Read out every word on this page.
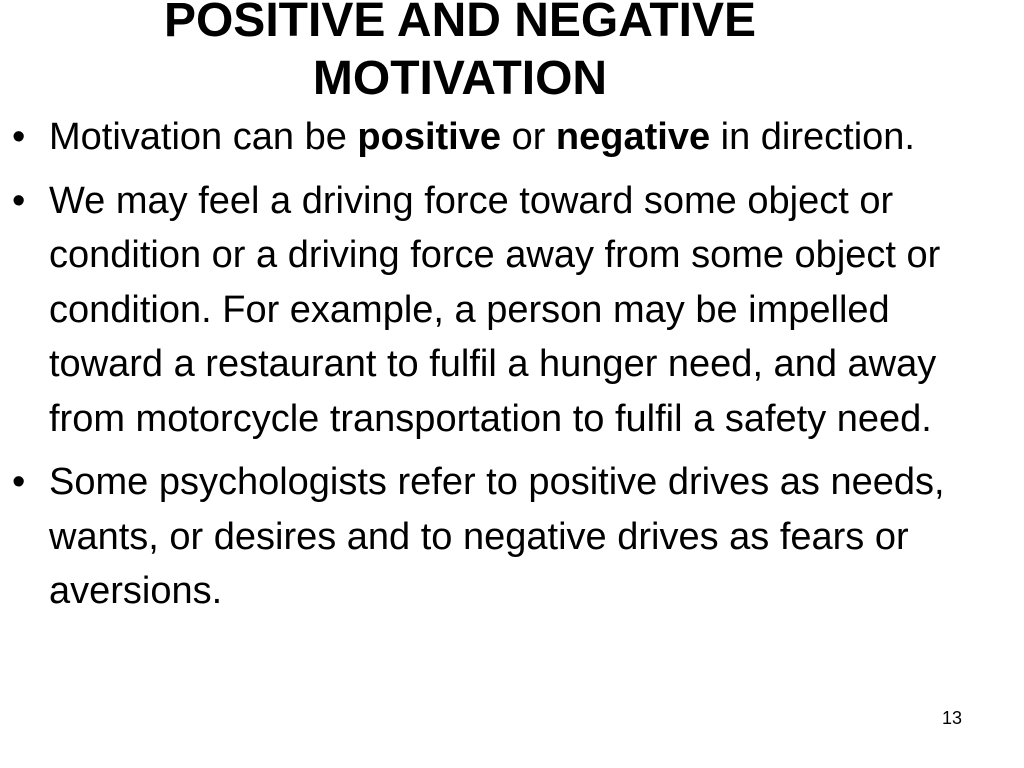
POSITIVE AND NEGATIVE
MOTIVATION
• Motivation can be positive or negative in direction.
• We may feel a driving force toward some object or condition or a driving force away from some object or condition. For example, a person may be impelled toward a restaurant to fulfil a hunger need, and away from motorcycle transportation to fulfil a safety need.
• Some psychologists refer to positive drives as needs, wants, or desires and to negative drives as fears or aversions.
13
